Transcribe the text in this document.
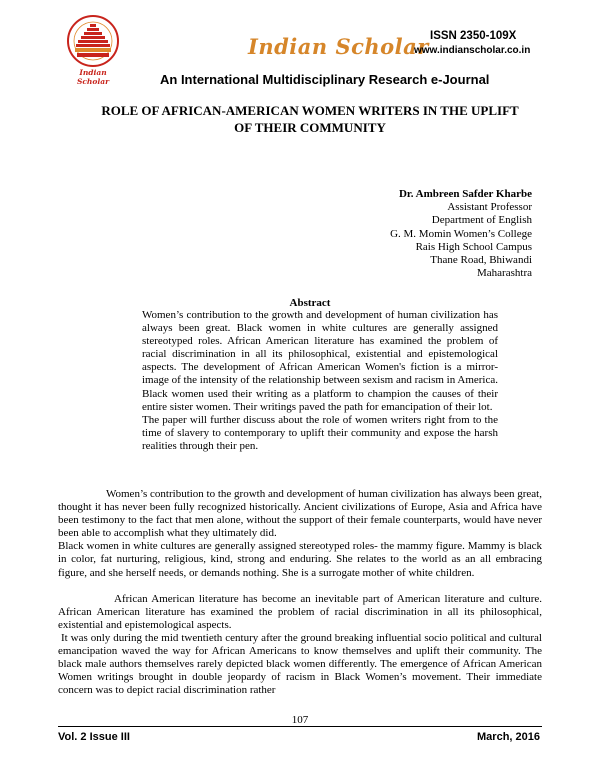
Indian Scholar
Indian Scholar ISSN 2350-109X
www.indianscholar.co.in
An International Multidisciplinary Research e-Journal
ROLE OF AFRICAN-AMERICAN WOMEN WRITERS IN THE UPLIFT
OF THEIR COMMUNITY
Dr. Ambreen Safder Kharbe
Assistant Professor
Department of English
G. M. Momin Women’s College
Rais High School Campus
Thane Road, Bhiwandi
Maharashtra
Abstract

Women’s contribution to the growth and development of human civilization has always been great. Black women in white cultures are generally assigned stereotyped roles. African American literature has examined the problem of racial discrimination in all its philosophical, existential and epistemological aspects. The development of African American Women's fiction is a mirror-image of the intensity of the relationship between sexism and racism in America. Black women used their writing as a platform to champion the causes of their entire sister women. Their writings paved the path for emancipation of their lot.

The paper will further discuss about the role of women writers right from to the time of slavery to contemporary to uplift their community and expose the harsh realities through their pen.

Women’s contribution to the growth and development of human civilization has always been great, thought it has never been fully recognized historically. Ancient civilizations of Europe, Asia and Africa have been testimony to the fact that men alone, without the support of their female counterparts, would have never been able to accomplish what they ultimately did.

Black women in white cultures are generally assigned stereotyped roles- the mammy figure. Mammy is black in color, fat nurturing, religious, kind, strong and enduring. She relates to the world as an all embracing figure, and she herself needs, or demands nothing. She is a surrogate mother of white children.

African American literature has become an inevitable part of American literature and culture. African American literature has examined the problem of racial discrimination in all its philosophical, existential and epistemological aspects.

It was only during the mid twentieth century after the ground breaking influential socio political and cultural emancipation waved the way for African Americans to know themselves and uplift their community. The black male authors themselves rarely depicted black women differently. The emergence of African American Women writings brought in double jeopardy of racism in Black Women’s movement. Their immediate concern was to depict racial discrimination rather

107
Vol. 2 Issue III	March, 2016
